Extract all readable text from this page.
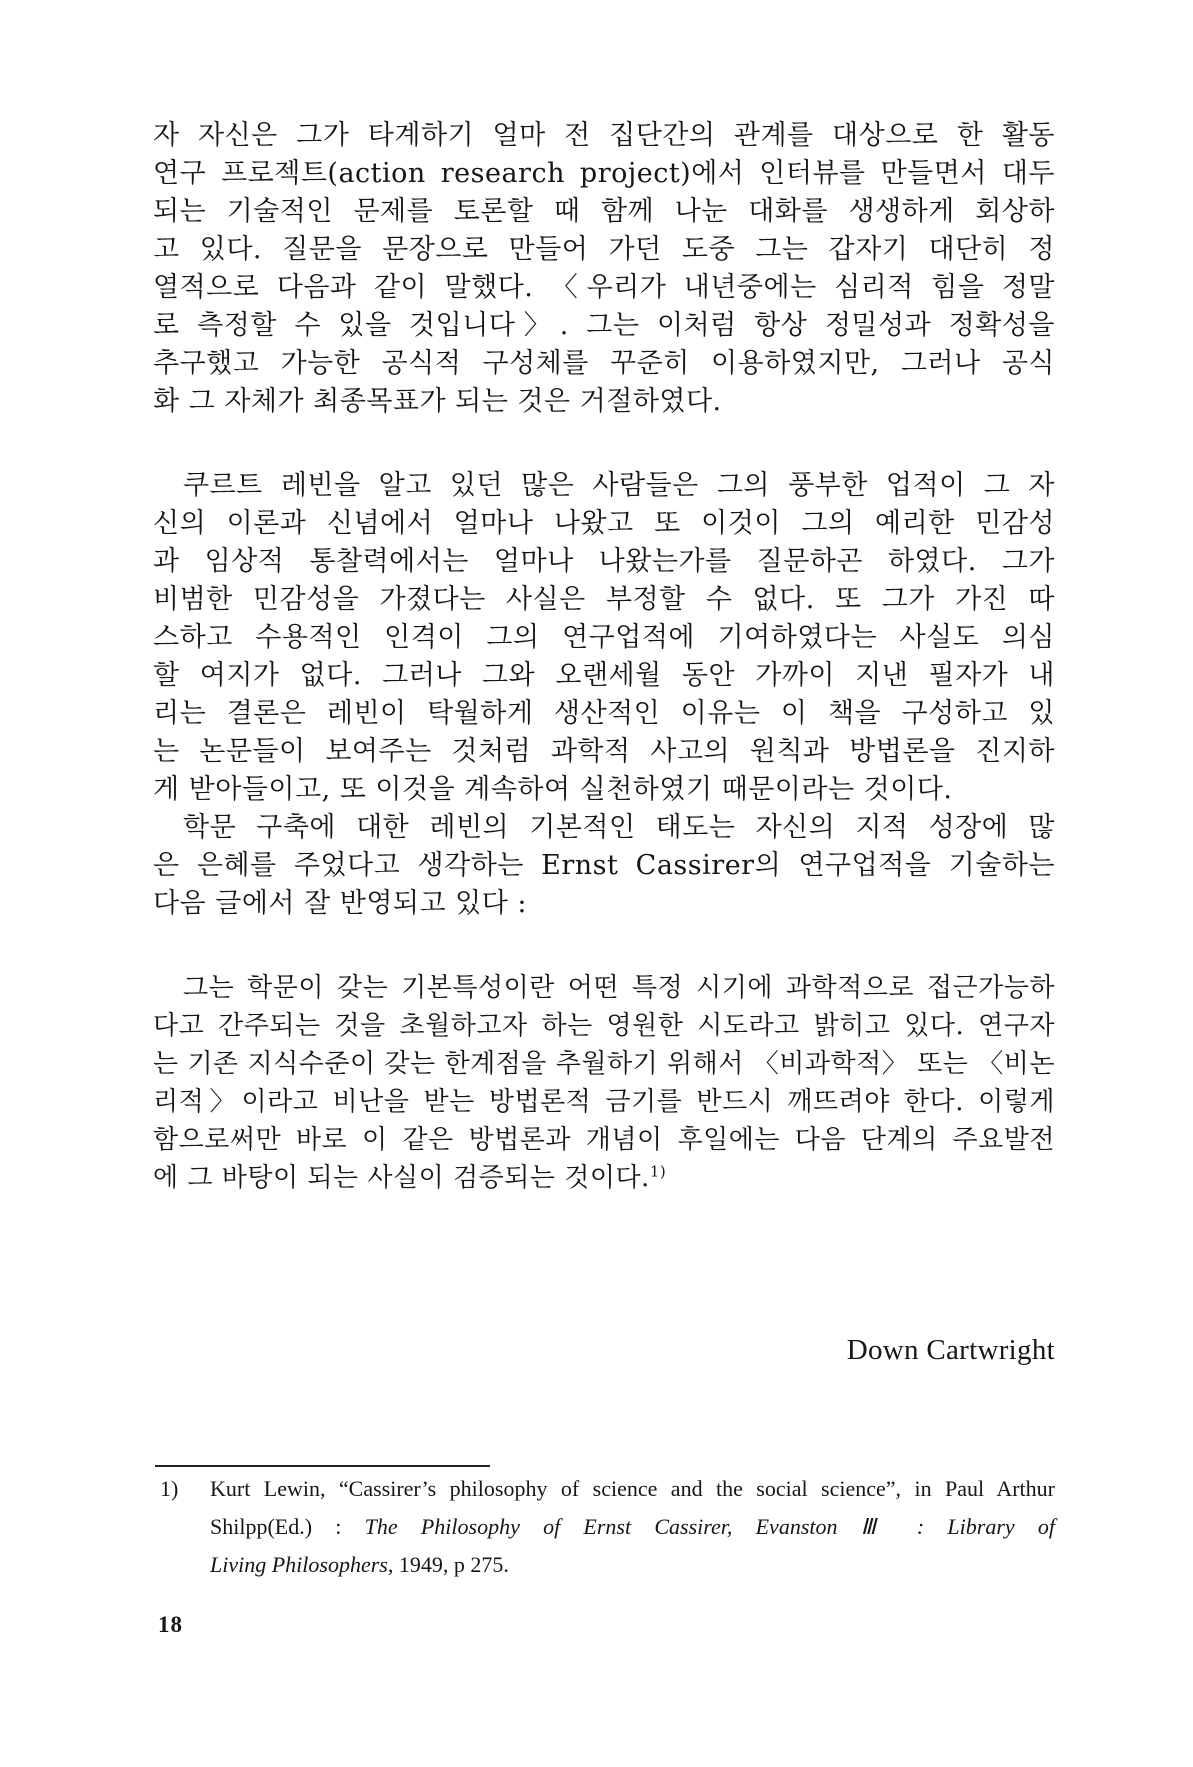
자 자신은 그가 타계하기 얼마 전 집단간의 관계를 대상으로 한 활동
연구 프로젝트(action research project)에서 인터뷰를 만들면서 대두
되는 기술적인 문제를 토론할 때 함께 나눈 대화를 생생하게 회상하
고 있다. 질문을 문장으로 만들어 가던 도중 그는 갑자기 대단히 정
열적으로 다음과 같이 말했다. 〈우리가 내년중에는 심리적 힘을 정말
로 측정할 수 있을 것입니다〉. 그는 이처럼 항상 정밀성과 정확성을
추구했고 가능한 공식적 구성체를 꾸준히 이용하였지만, 그러나 공식
화 그 자체가 최종목표가 되는 것은 거절하였다.
쿠르트 레빈을 알고 있던 많은 사람들은 그의 풍부한 업적이 그 자
신의 이론과 신념에서 얼마나 나왔고 또 이것이 그의 예리한 민감성
과 임상적 통찰력에서는 얼마나 나왔는가를 질문하곤 하였다. 그가
비범한 민감성을 가졌다는 사실은 부정할 수 없다. 또 그가 가진 따
스하고 수용적인 인격이 그의 연구업적에 기여하였다는 사실도 의심
할 여지가 없다. 그러나 그와 오랜세월 동안 가까이 지낸 필자가 내
리는 결론은 레빈이 탁월하게 생산적인 이유는 이 책을 구성하고 있
는 논문들이 보여주는 것처럼 과학적 사고의 원칙과 방법론을 진지하
게 받아들이고, 또 이것을 계속하여 실천하였기 때문이라는 것이다.
학문 구축에 대한 레빈의 기본적인 태도는 자신의 지적 성장에 많
은 은혜를 주었다고 생각하는 Ernst Cassirer의 연구업적을 기술하는
다음 글에서 잘 반영되고 있다 :
그는 학문이 갖는 기본특성이란 어떤 특정 시기에 과학적으로 접근가능하
다고 간주되는 것을 초월하고자 하는 영원한 시도라고 밝히고 있다. 연구자
는 기존 지식수준이 갖는 한계점을 추월하기 위해서 〈비과학적〉 또는 〈비논
리적〉이라고 비난을 받는 방법론적 금기를 반드시 깨뜨려야 한다. 이렇게
함으로써만 바로 이 같은 방법론과 개념이 후일에는 다음 단계의 주요발전
에 그 바탕이 되는 사실이 검증되는 것이다.$^{1)}$
Down Cartwright
1) Kurt Lewin, “Cassirer’s philosophy of science and the social science”, in Paul Arthur
Shilpp(Ed.) : The Philosophy of Ernst Cassirer, Evanston Ⅲ : Library of
Living Philosophers, 1949, p 275.
18
